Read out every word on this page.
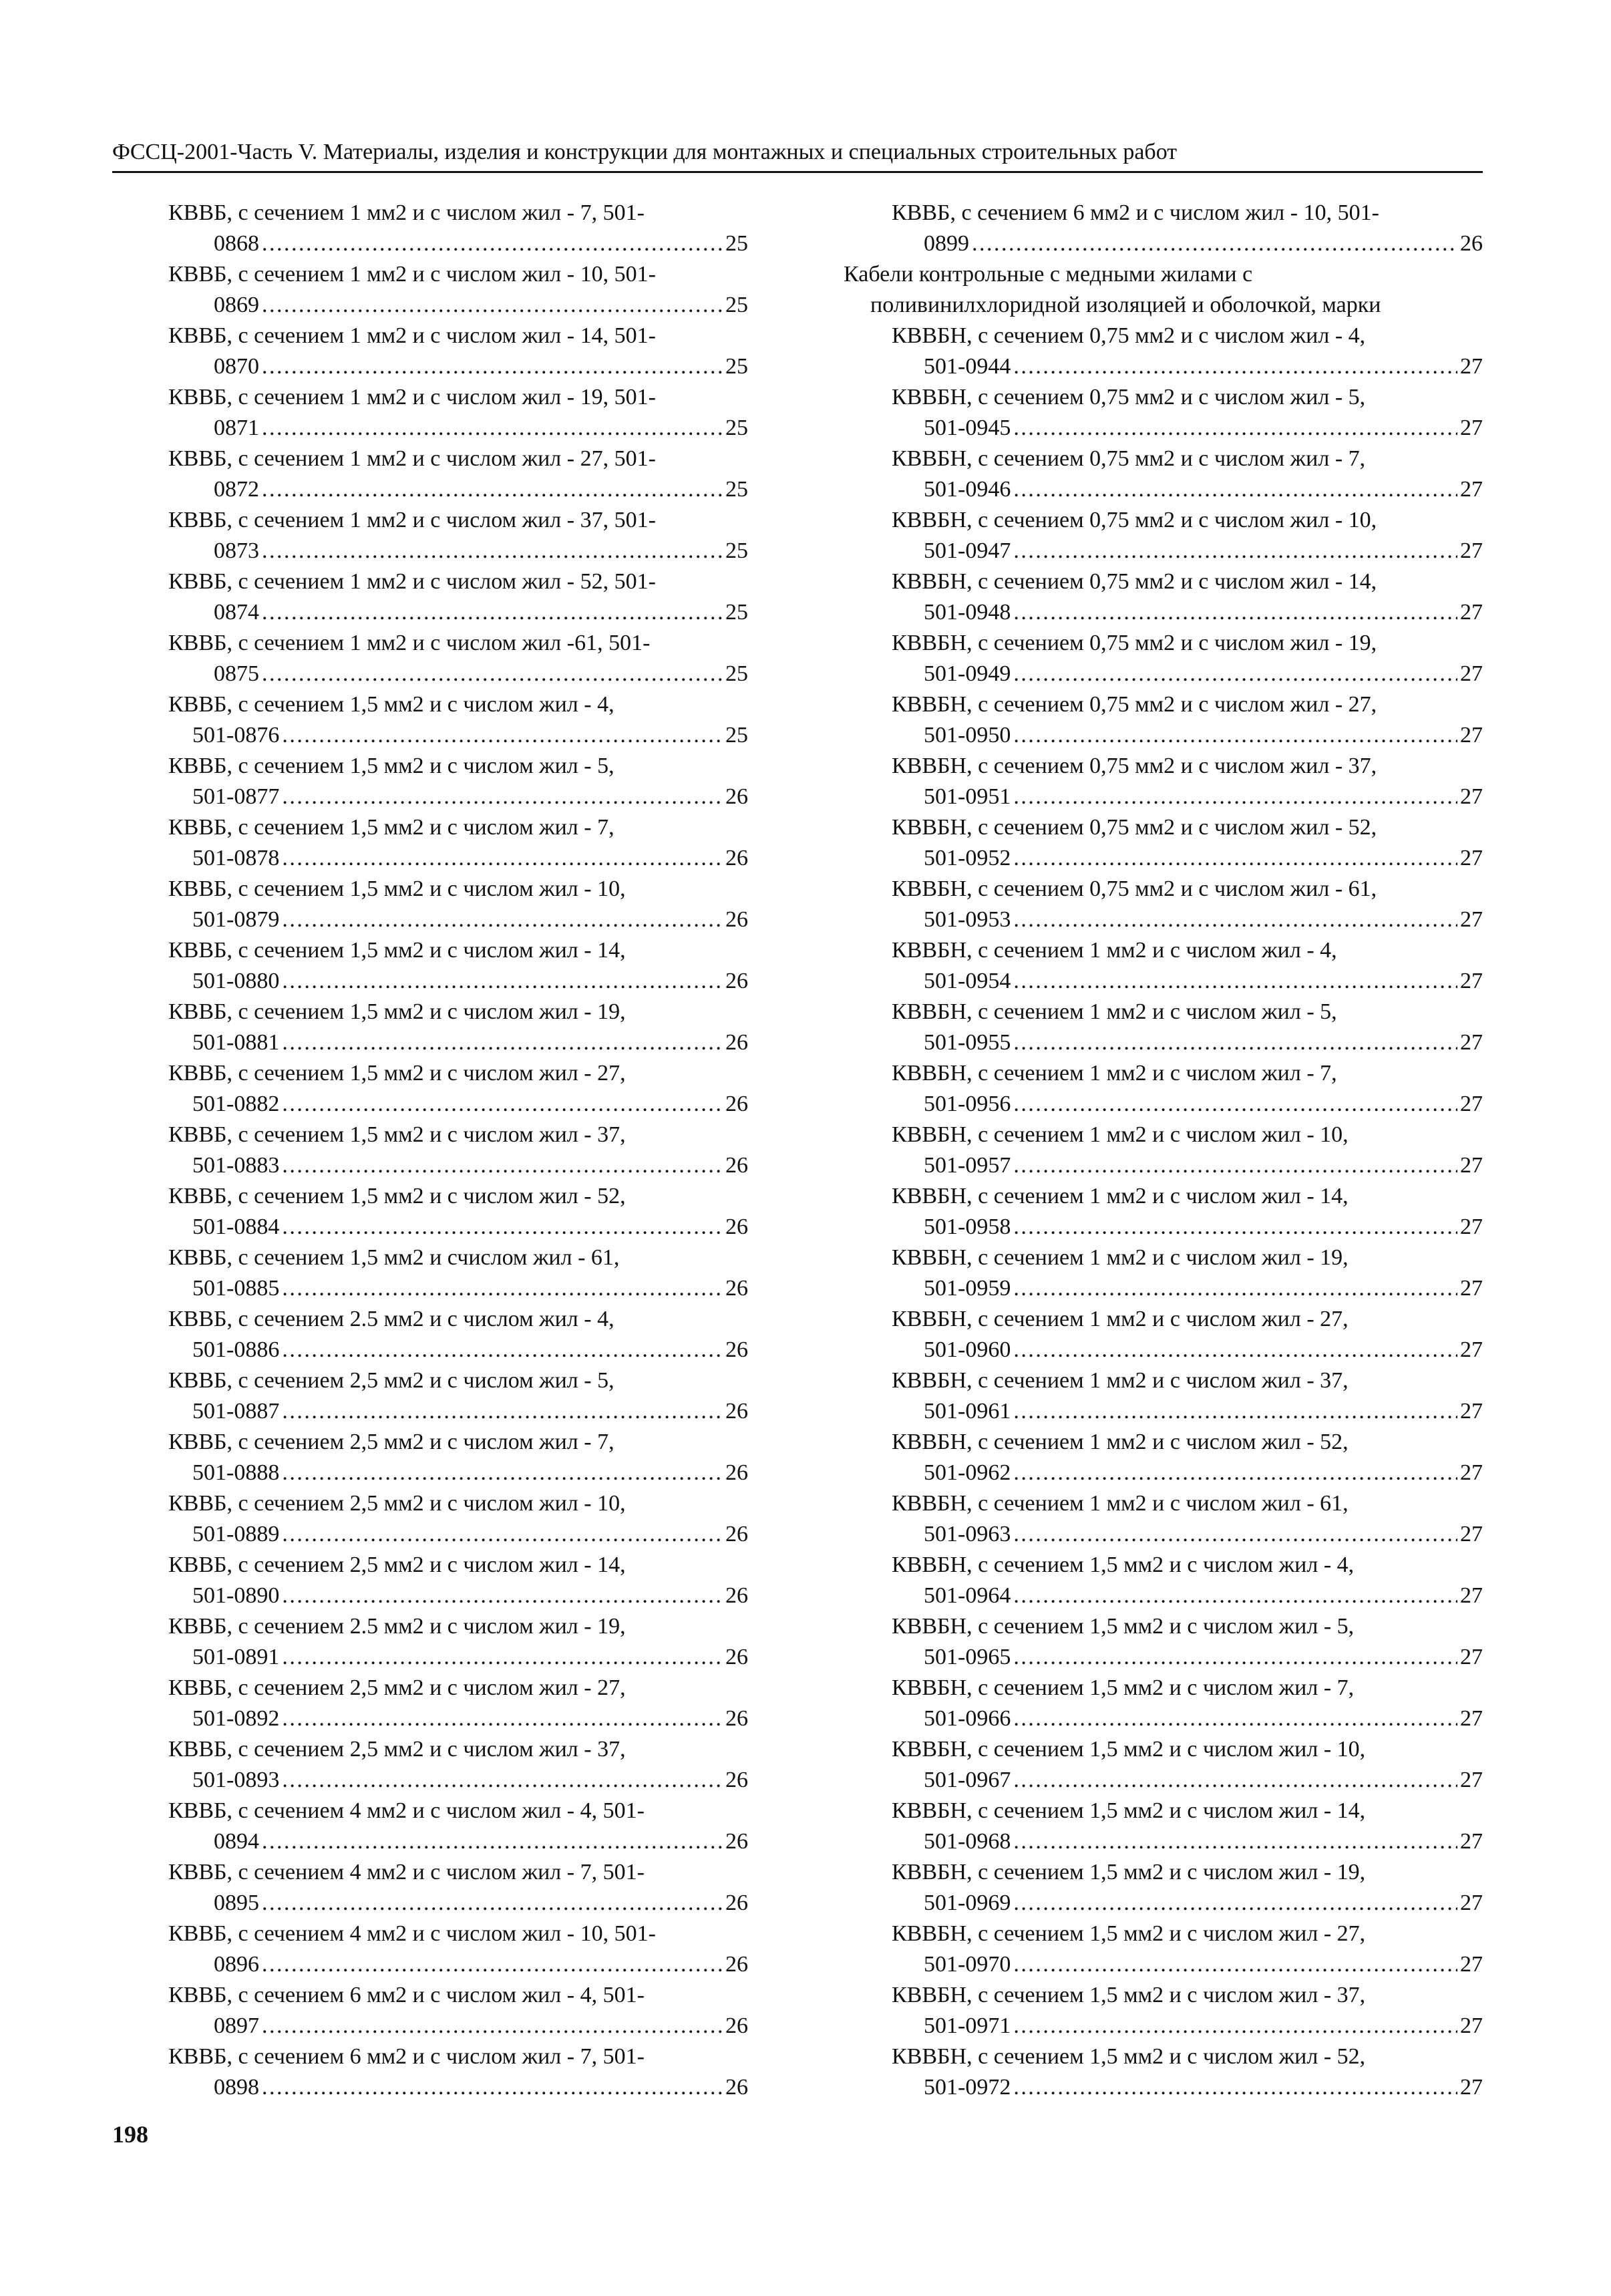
ФССЦ-2001-Часть V. Материалы, изделия и конструкции для монтажных и специальных строительных работ
КВВБ, с сечением 1 мм2 и с числом жил - 7, 501-
0868 . . .	25
КВВБ, с сечением 1 мм2 и с числом жил - 10, 501-
0869 . . .	25
КВВБ, с сечением 1 мм2 и с числом жил - 14, 501-
0870 . . .	25
КВВБ, с сечением 1 мм2 и с числом жил - 19, 501-
0871 . . .	25
КВВБ, с сечением 1 мм2 и с числом жил - 27, 501-
0872 . . .	25
КВВБ, с сечением 1 мм2 и с числом жил - 37, 501-
0873 . . .	25
КВВБ, с сечением 1 мм2 и с числом жил - 52, 501-
0874 . . .	25
КВВБ, с сечением 1 мм2 и с числом жил -61, 501-
0875 . . .	25
КВВБ, с сечением 1,5 мм2 и с числом жил - 4,
501-0876 . . .	25
КВВБ, с сечением 1,5 мм2 и с числом жил - 5,
501-0877 . . .	26
КВВБ, с сечением 1,5 мм2 и с числом жил - 7,
501-0878 . . .	26
КВВБ, с сечением 1,5 мм2 и с числом жил - 10,
501-0879 . . .	26
КВВБ, с сечением 1,5 мм2 и с числом жил - 14,
501-0880 . . .	26
КВВБ, с сечением 1,5 мм2 и с числом жил - 19,
501-0881 . . .	26
КВВБ, с сечением 1,5 мм2 и с числом жил - 27,
501-0882 . . .	26
КВВБ, с сечением 1,5 мм2 и с числом жил - 37,
501-0883 . . .	26
КВВБ, с сечением 1,5 мм2 и с числом жил - 52,
501-0884 . . .	26
КВВБ, с сечением 1,5 мм2 и счислом жил - 61,
501-0885 . . .	26
КВВБ, с сечением 2.5 мм2 и с числом жил - 4,
501-0886 . . .	26
КВВБ, с сечением 2,5 мм2 и с числом жил - 5,
501-0887 . . .	26
КВВБ, с сечением 2,5 мм2 и с числом жил - 7,
501-0888 . . .	26
КВВБ, с сечением 2,5 мм2 и с числом жил - 10,
501-0889 . . .	26
КВВБ, с сечением 2,5 мм2 и с числом жил - 14,
501-0890 . . .	26
КВВБ, с сечением 2.5 мм2 и с числом жил - 19,
501-0891 . . .	26
КВВБ, с сечением 2,5 мм2 и с числом жил - 27,
501-0892 . . .	26
КВВБ, с сечением 2,5 мм2 и с числом жил - 37,
501-0893 . . .	26
КВВБ, с сечением 4 мм2 и с числом жил - 4, 501-
0894 . . .	26
КВВБ, с сечением 4 мм2 и с числом жил - 7, 501-
0895 . . .	26
КВВБ, с сечением 4 мм2 и с числом жил - 10, 501-
0896 . . .	26
КВВБ, с сечением 6 мм2 и с числом жил - 4, 501-
0897 . . .	26
КВВБ, с сечением 6 мм2 и с числом жил - 7, 501-
0898 . . .	26
КВВБ, с сечением 6 мм2 и с числом жил - 10, 501-
0899 . . .	26
Кабели контрольные с медными жилами с
поливинилхлоридной изоляцией и оболочкой, марки
КВВБН, с сечением 0,75 мм2 и с числом жил - 4,
501-0944 . . .	27
КВВБН, с сечением 0,75 мм2 и с числом жил - 5,
501-0945 . . .	27
КВВБН, с сечением 0,75 мм2 и с числом жил - 7,
501-0946 . . .	27
КВВБН, с сечением 0,75 мм2 и с числом жил - 10,
501-0947 . . .	27
КВВБН, с сечением 0,75 мм2 и с числом жил - 14,
501-0948 . . .	27
КВВБН, с сечением 0,75 мм2 и с числом жил - 19,
501-0949 . . .	27
КВВБН, с сечением 0,75 мм2 и с числом жил - 27,
501-0950 . . .	27
КВВБН, с сечением 0,75 мм2 и с числом жил - 37,
501-0951 . . .	27
КВВБН, с сечением 0,75 мм2 и с числом жил - 52,
501-0952 . . .	27
КВВБН, с сечением 0,75 мм2 и с числом жил - 61,
501-0953 . . .	27
КВВБН, с сечением 1 мм2 и с числом жил - 4,
501-0954 . . .	27
КВВБН, с сечением 1 мм2 и с числом жил - 5,
501-0955 . . .	27
КВВБН, с сечением 1 мм2 и с числом жил - 7,
501-0956 . . .	27
КВВБН, с сечением 1 мм2 и с числом жил - 10,
501-0957 . . .	27
КВВБН, с сечением 1 мм2 и с числом жил - 14,
501-0958 . . .	27
КВВБН, с сечением 1 мм2 и с числом жил - 19,
501-0959 . . .	27
КВВБН, с сечением 1 мм2 и с числом жил - 27,
501-0960 . . .	27
КВВБН, с сечением 1 мм2 и с числом жил - 37,
501-0961 . . .	27
КВВБН, с сечением 1 мм2 и с числом жил - 52,
501-0962 . . .	27
КВВБН, с сечением 1 мм2 и с числом жил - 61,
501-0963 . . .	27
КВВБН, с сечением 1,5 мм2 и с числом жил - 4,
501-0964 . . .	27
КВВБН, с сечением 1,5 мм2 и с числом жил - 5,
501-0965 . . .	27
КВВБН, с сечением 1,5 мм2 и с числом жил - 7,
501-0966 . . .	27
КВВБН, с сечением 1,5 мм2 и с числом жил - 10,
501-0967 . . .	27
КВВБН, с сечением 1,5 мм2 и с числом жил - 14,
501-0968 . . .	27
КВВБН, с сечением 1,5 мм2 и с числом жил - 19,
501-0969 . . .	27
КВВБН, с сечением 1,5 мм2 и с числом жил - 27,
501-0970 . . .	27
КВВБН, с сечением 1,5 мм2 и с числом жил - 37,
501-0971 . . .	27
КВВБН, с сечением 1,5 мм2 и с числом жил - 52,
501-0972 . . .	27
198
